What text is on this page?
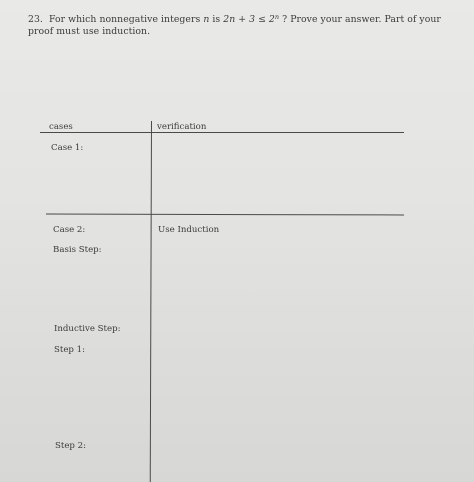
23. For which nonnegative integers n is $2n + 3 \le 2^n$ ? Prove your answer. Part of your proof must use induction.
cases	verification
Case 1:
Case 2:
Basis Step:
Inductive Step:
Step 1:
Step 2:
Use Induction
